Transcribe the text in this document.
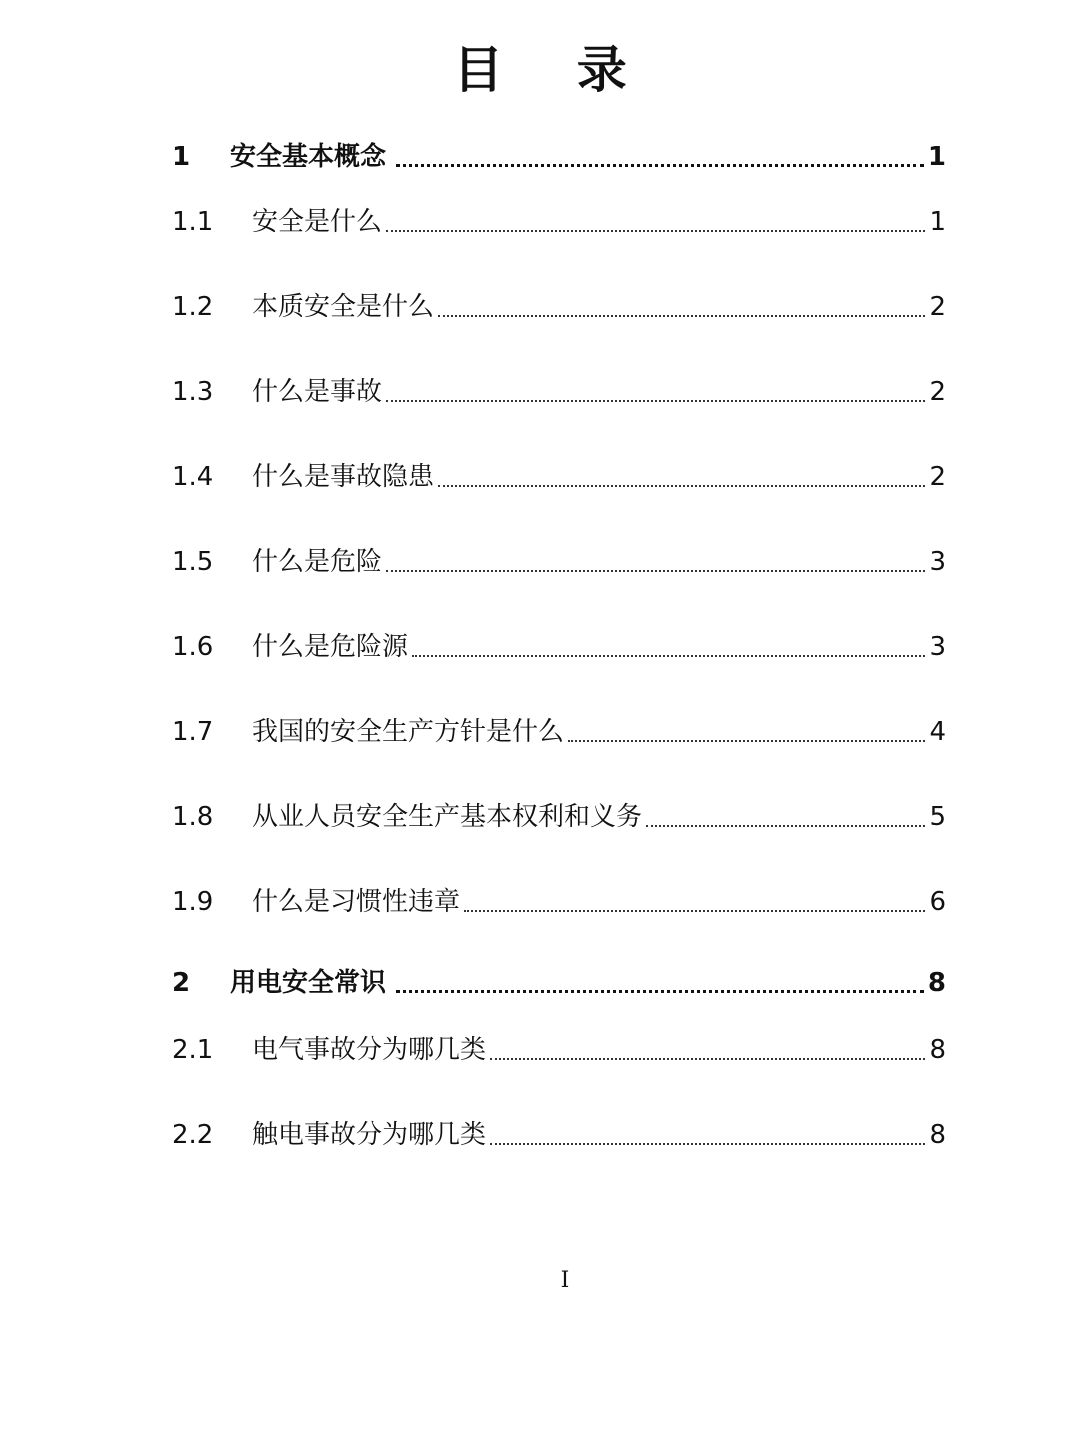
目 录
1	安全基本概念	1
1.1	安全是什么	1
1.2	本质安全是什么	2
1.3	什么是事故	2
1.4	什么是事故隐患	2
1.5	什么是危险	3
1.6	什么是危险源	3
1.7	我国的安全生产方针是什么	4
1.8	从业人员安全生产基本权利和义务	5
1.9	什么是习惯性违章	6
2	用电安全常识	8
2.1	电气事故分为哪几类	8
2.2	触电事故分为哪几类	8
I
